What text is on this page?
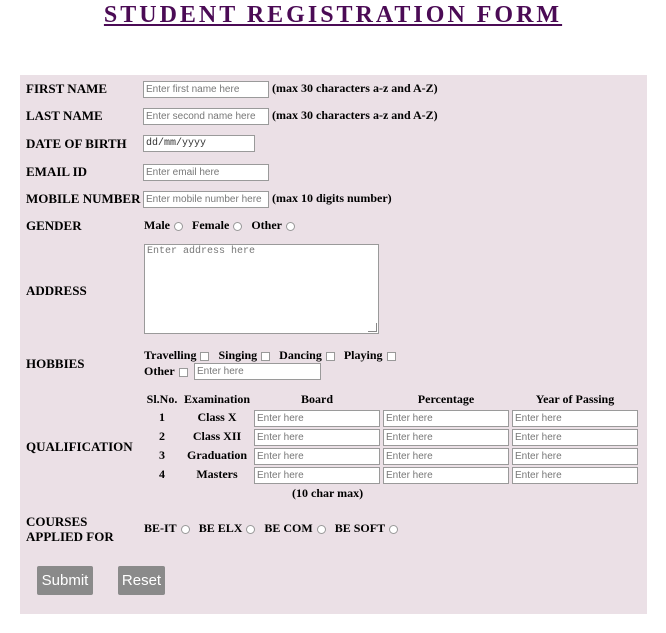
STUDENT REGISTRATION FORM
FIRST NAME	Enter first name here	(max 30 characters a-z and A-Z)
LAST NAME	Enter second name here	(max 30 characters a-z and A-Z)
DATE OF BIRTH	dd/mm/yyyy
EMAIL ID	Enter email here
MOBILE NUMBER Enter mobile number here (max 10 digits number)
GENDER	Male Female Other
ADDRESS
Enter address here
HOBBIES
Travelling Singing Dancing Playing
Other	Enter here
QUALIFICATION
Sl.No. Examination	Board	Percentage	Year of Passing
1	Class X	Enter here	Enter here	Enter here
2	Class XII	Enter here	Enter here	Enter here
3	Graduation	Enter here	Enter here	Enter here
4	Masters	Enter here	Enter here	Enter here
(10 char max)
COURSES
APPLIED FOR
BE-IT BE ELX BE COM BE SOFT
Submit	Reset
